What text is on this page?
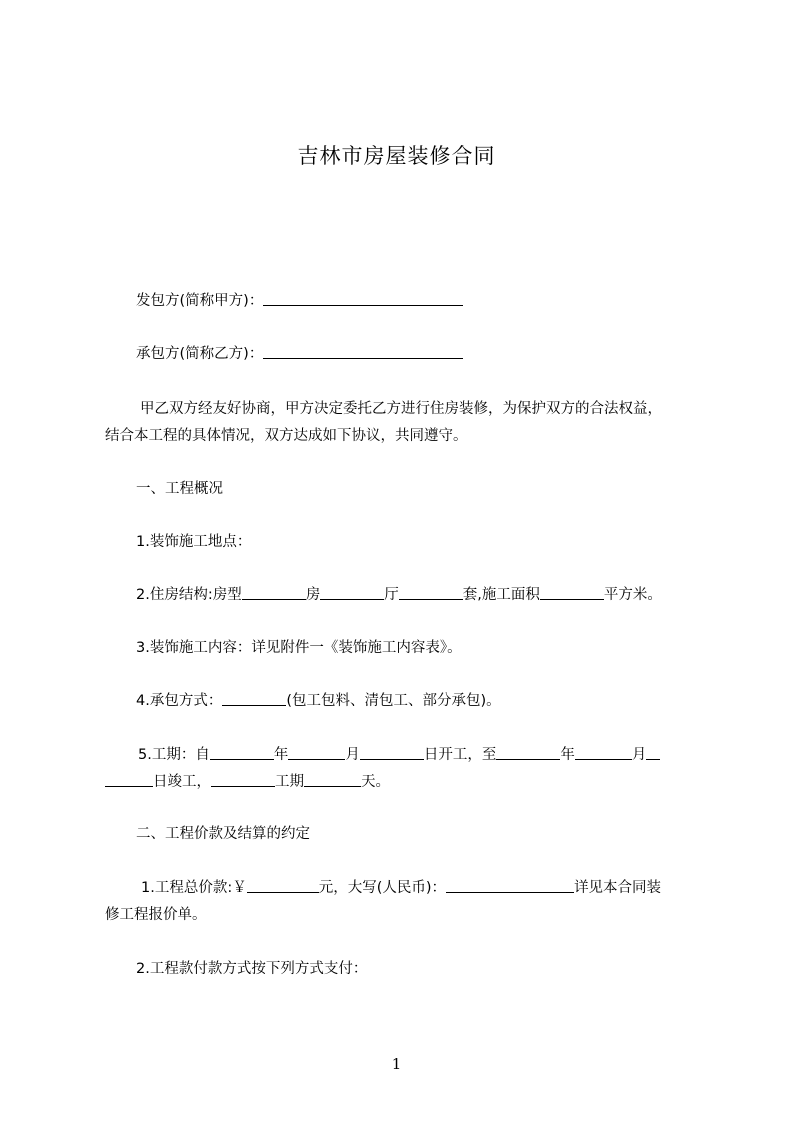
吉林市房屋装修合同
发包方(简称甲方)：
承包方(简称乙方)：
甲乙双方经友好协商，甲方决定委托乙方进行住房装修，为保护双方的合法权益，
结合本工程的具体情况，双方达成如下协议，共同遵守。
一、工程概况
1.装饰施工地点：
2.住房结构:房型	房	厅	套,施工面积	平方米。
3.装饰施工内容：详见附件一《装饰施工内容表》。
4.承包方式：	(包工包料、清包工、部分承包)。
5.工期：自	年	月	日开工，至	年	月
日竣工，	工期	天。
二、工程价款及结算的约定
1.工程总价款:￥	元，大写(人民币)：	详见本合同装
修工程报价单。
2.工程款付款方式按下列方式支付：
1
